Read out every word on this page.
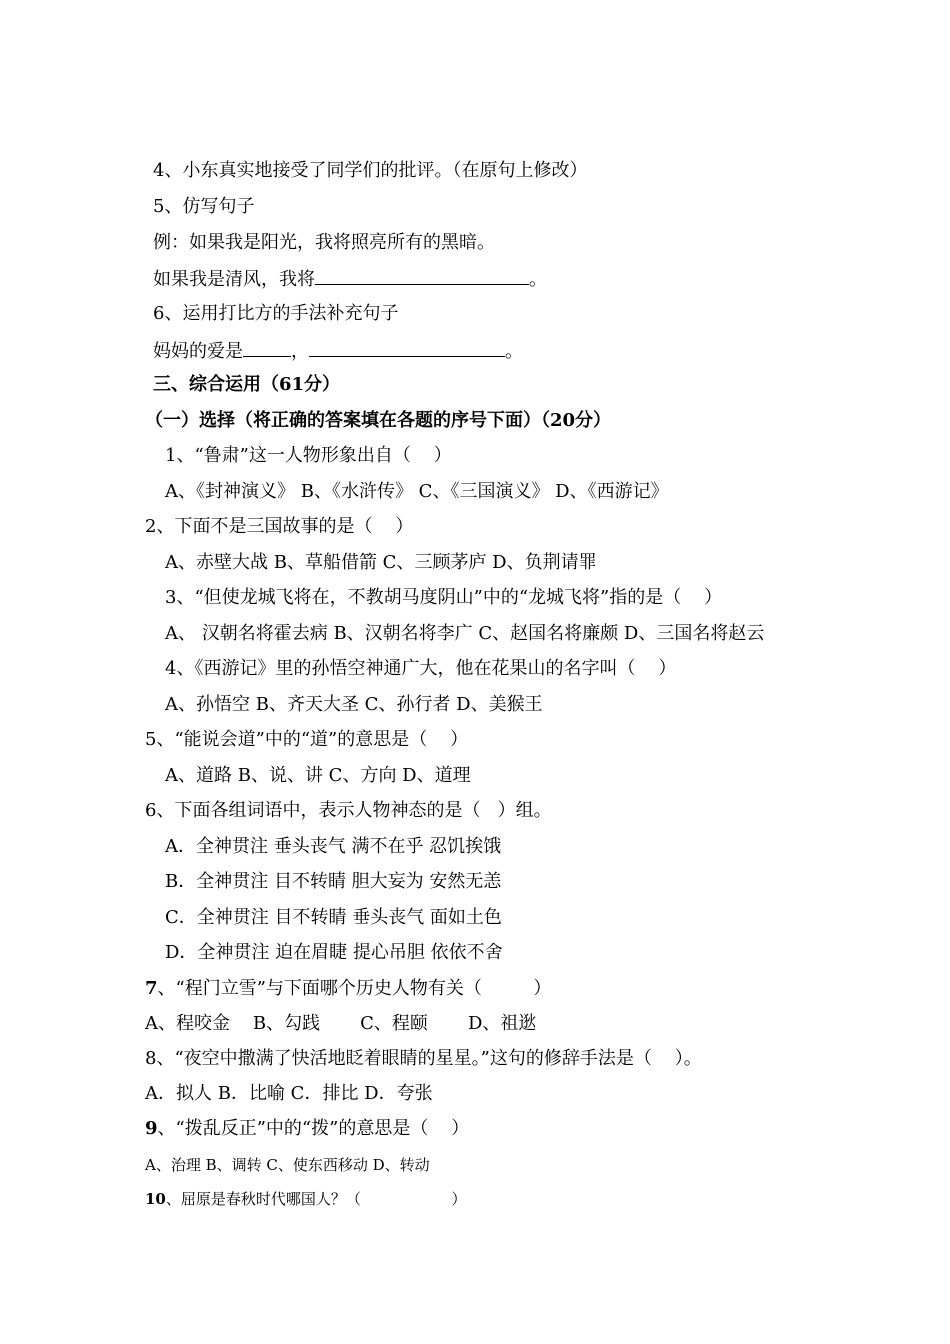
4、小东真实地接受了同学们的批评。（在原句上修改）
5、仿写句子
例：如果我是阳光，我将照亮所有的黑暗。
如果我是清风，我将	。
6、运用打比方的手法补充句子
妈妈的爱是	，	。
三、综合运用（61分）
（一）选择（将正确的答案填在各题的序号下面）（20分）
1、“鲁肃”这一人物形象出自（    ）
A、《封神演义》 B、《水浒传》 C、《三国演义》 D、《西游记》
2、下面不是三国故事的是（    ）
A、赤壁大战 B、草船借箭 C、三顾茅庐 D、负荆请罪
3、“但使龙城飞将在，不教胡马度阴山”中的“龙城飞将”指的是（    ）
A、 汉朝名将霍去病 B、汉朝名将李广 C、赵国名将廉颇 D、三国名将赵云
4、《西游记》里的孙悟空神通广大，他在花果山的名字叫（    ）
A、孙悟空 B、齐天大圣 C、孙行者 D、美猴王
5、“能说会道”中的“道”的意思是（    ）
A、道路 B、说、讲 C、方向 D、道理
6、下面各组词语中，表示人物神态的是（   ）组。
A．全神贯注 垂头丧气 满不在乎 忍饥挨饿
B．全神贯注 目不转睛 胆大妄为 安然无恙
C．全神贯注 目不转睛 垂头丧气 面如土色
D．全神贯注 迫在眉睫 提心吊胆 依依不舍
7、“程门立雪”与下面哪个历史人物有关（         ）
A、程咬金    B、勾践       C、程颐       D、祖逖
8、“夜空中撒满了快活地眨着眼睛的星星。”这句的修辞手法是（    ）。
A．拟人 B．比喻 C．排比 D．夸张
9、“拨乱反正”中的“拨”的意思是（    ）
A、治理 B、调转 C、使东西移动 D、转动
10、屈原是春秋时代哪国人？（                   ）
